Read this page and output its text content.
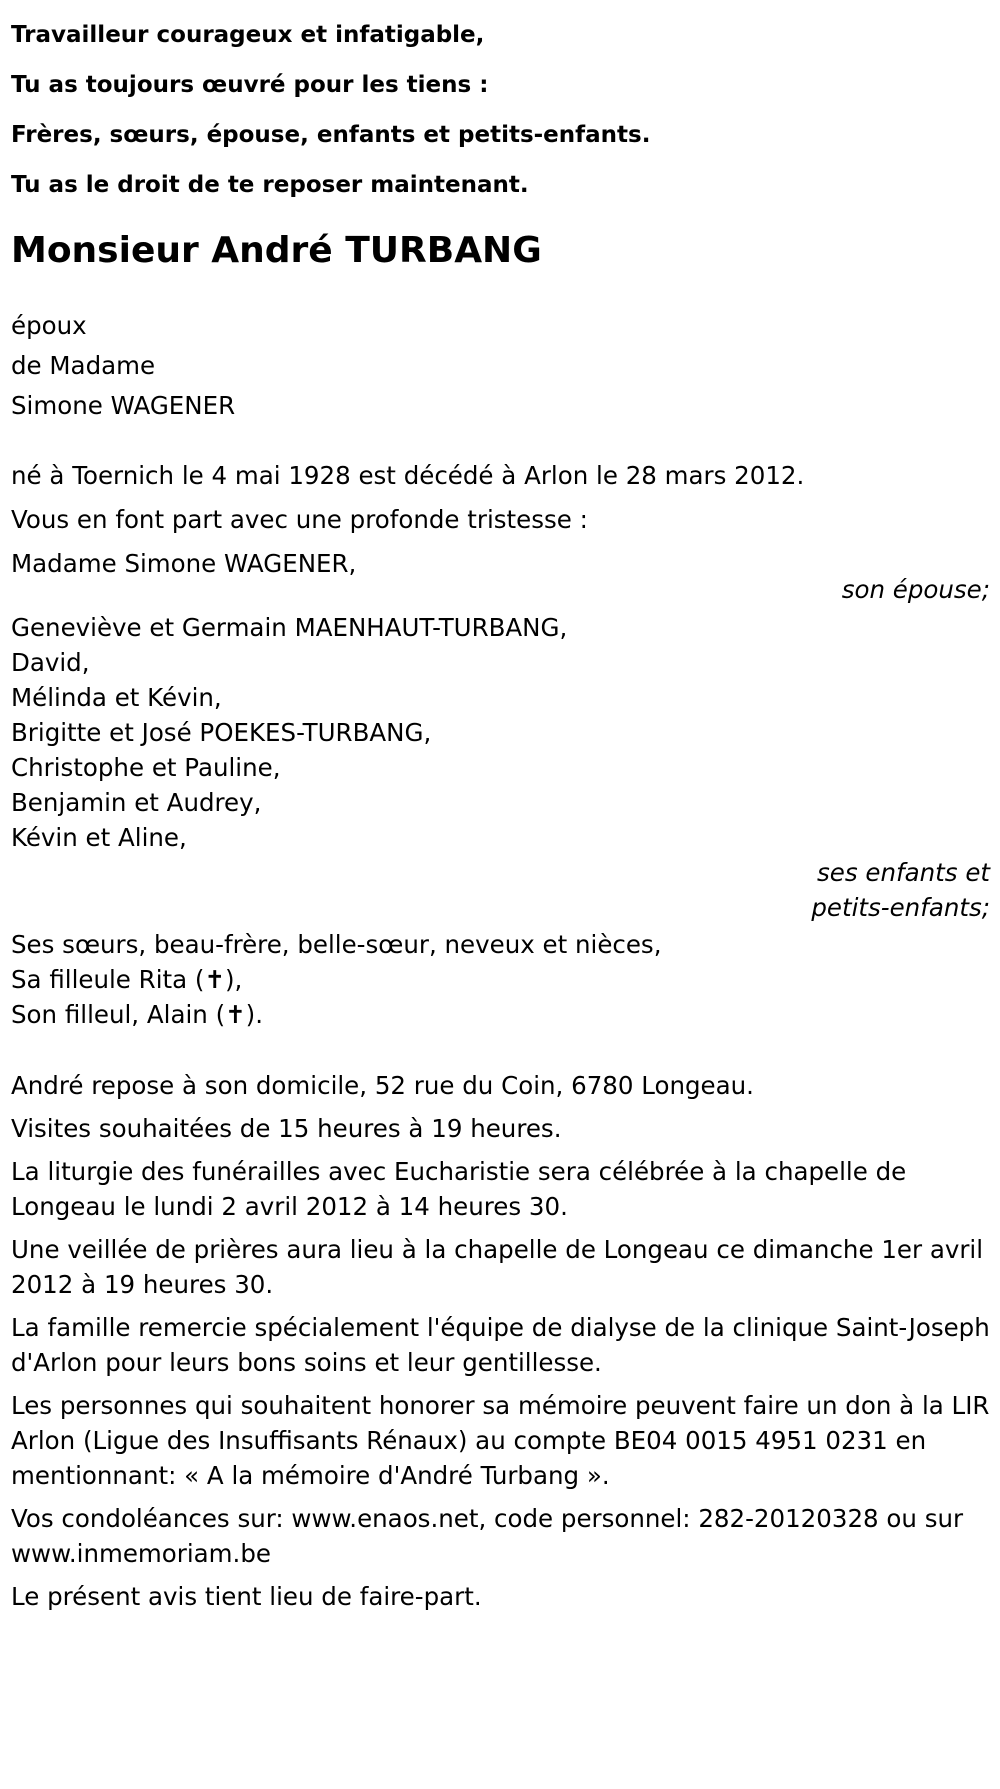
Travailleur courageux et infatigable,

Tu as toujours œuvré pour les tiens :

Frères, sœurs, épouse, enfants et petits-enfants.

Tu as le droit de te reposer maintenant.

Monsieur André TURBANG
époux
de Madame
Simone WAGENER

né à Toernich le 4 mai 1928 est décédé à Arlon le 28 mars 2012.

Vous en font part avec une profonde tristesse :

Madame Simone WAGENER,
son épouse;
Geneviève et Germain MAENHAUT-TURBANG,
David,
Mélinda et Kévin,
Brigitte et José POEKES-TURBANG,
Christophe et Pauline,
Benjamin et Audrey,
Kévin et Aline,
ses enfants et
petits-enfants;
Ses sœurs, beau-frère, belle-sœur, neveux et nièces,
Sa filleule Rita (✝),
Son filleul, Alain (✝).

André repose à son domicile, 52 rue du Coin, 6780 Longeau.

Visites souhaitées de 15 heures à 19 heures.

La liturgie des funérailles avec Eucharistie sera célébrée à la chapelle de Longeau le lundi 2 avril 2012 à 14 heures 30.

Une veillée de prières aura lieu à la chapelle de Longeau ce dimanche 1er avril 2012 à 19 heures 30.

La famille remercie spécialement l'équipe de dialyse de la clinique Saint-Joseph d'Arlon pour leurs bons soins et leur gentillesse.

Les personnes qui souhaitent honorer sa mémoire peuvent faire un don à la LIR Arlon (Ligue des Insuffisants Rénaux) au compte BE04 0015 4951 0231 en mentionnant: « A la mémoire d'André Turbang ».

Vos condoléances sur: www.enaos.net, code personnel: 282-20120328 ou sur www.inmemoriam.be

Le présent avis tient lieu de faire-part.
